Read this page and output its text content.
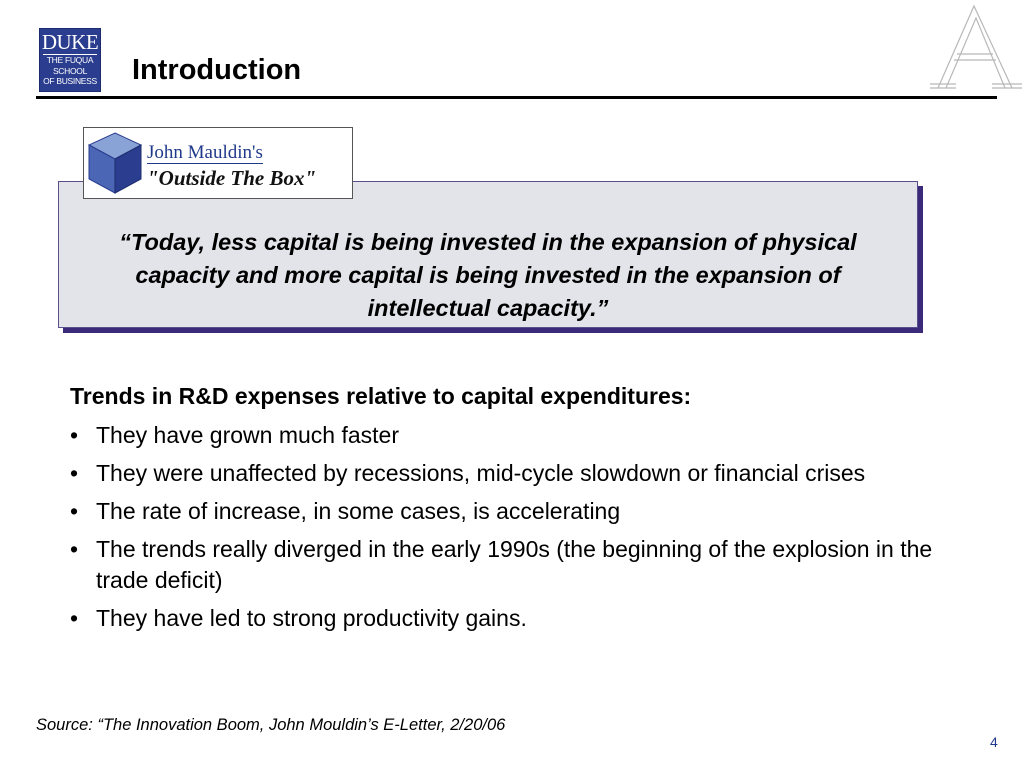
DUKE
THE FUQUA
SCHOOL
OF BUSINESS Introduction

“Today, less capital is being invested in the expansion of physical capacity and more capital is being invested in the expansion of intellectual capacity.”

John Mauldin's
"Outside The Box"
Trends in R&D expenses relative to capital expenditures:
• They have grown much faster
• They were unaffected by recessions, mid-cycle slowdown or financial crises
• The rate of increase, in some cases, is accelerating
• The trends really diverged in the early 1990s (the beginning of the explosion in the trade deficit)
• They have led to strong productivity gains.

Source: “The Innovation Boom, John Mouldin’s E-Letter, 2/20/06

4
